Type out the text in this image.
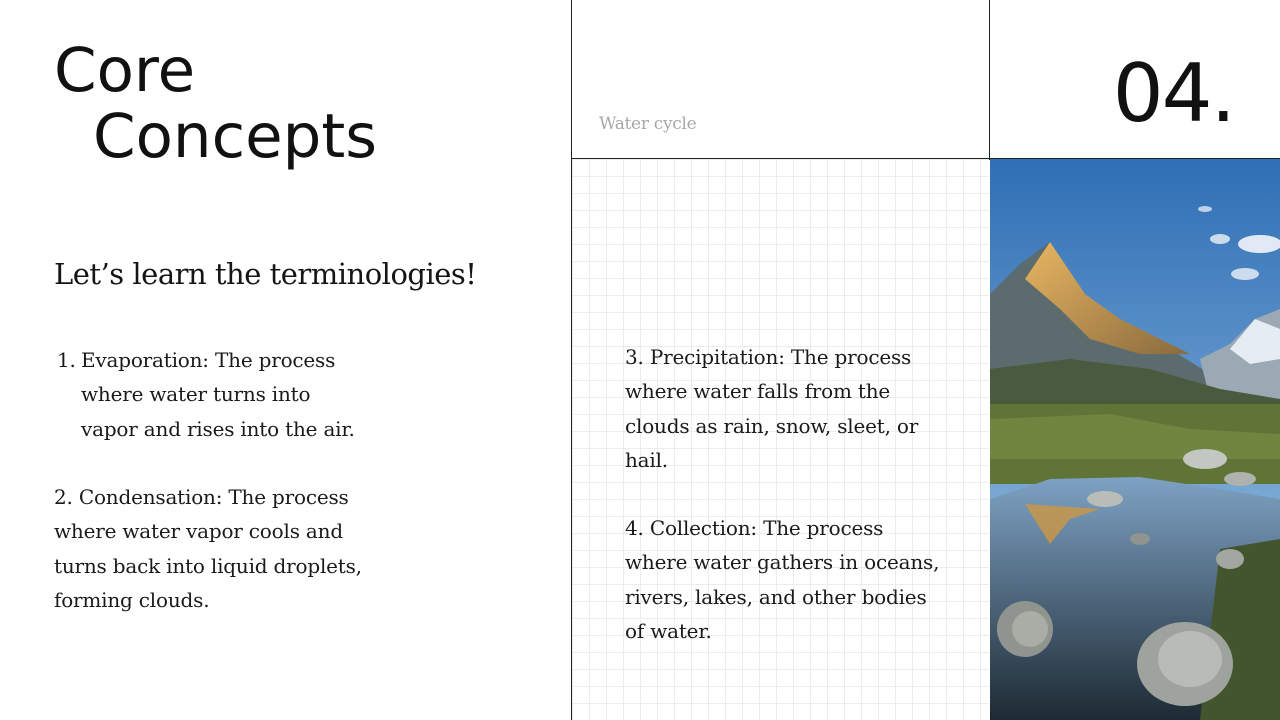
Core
Concepts
Let’s learn the terminologies!
1. Evaporation: The process where water turns into vapor and rises into the air.

2. Condensation: The process where water vapor cools and turns back into liquid droplets, forming clouds.

Water cycle	04.

3. Precipitation: The process where water falls from the clouds as rain, snow, sleet, or hail.

4. Collection: The process where water gathers in oceans, rivers, lakes, and other bodies of water.
